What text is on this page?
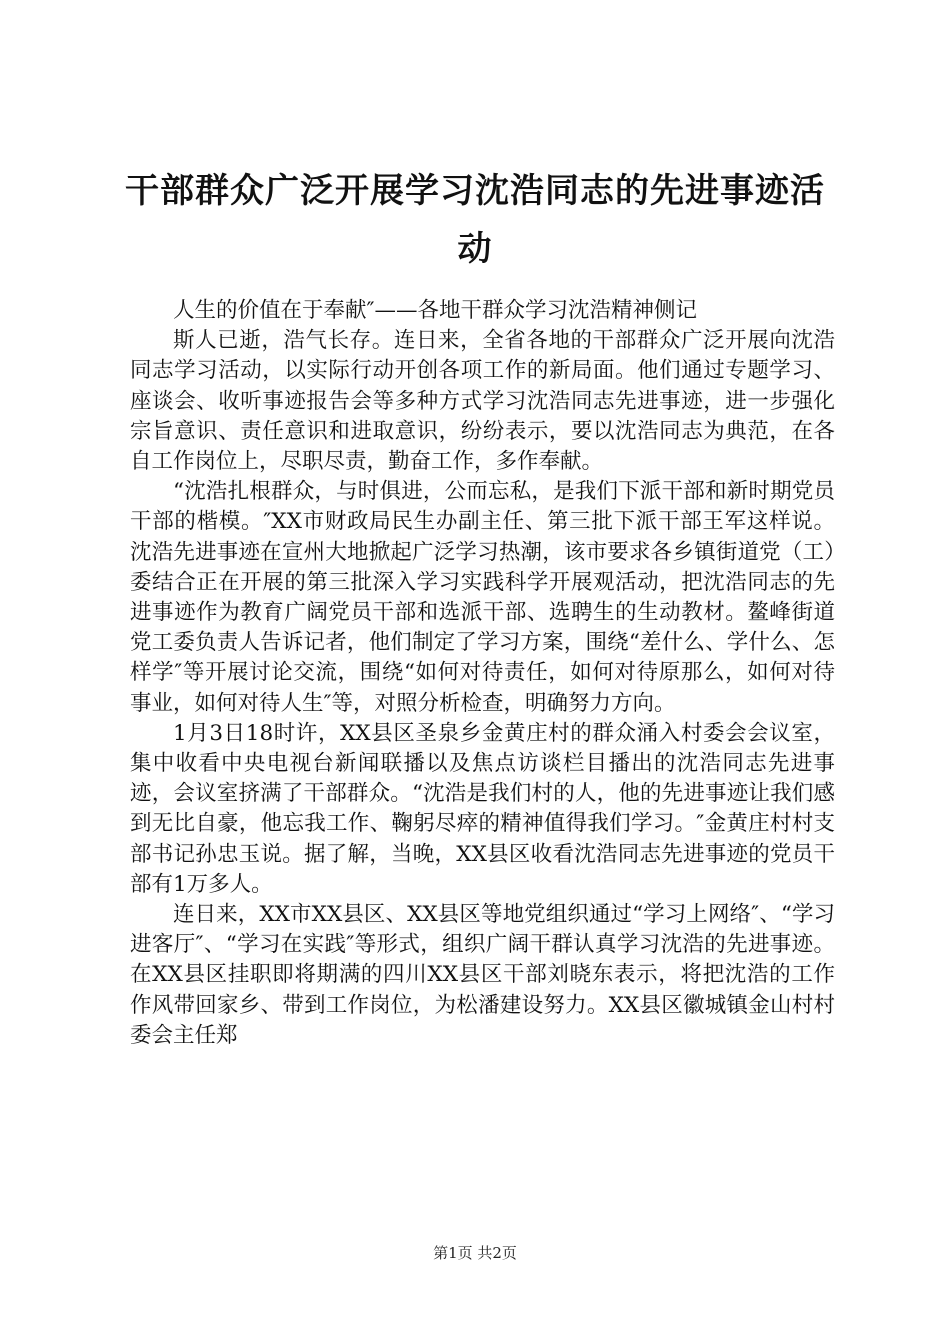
干部群众广泛开展学习沈浩同志的先进事迹活动

人生的价值在于奉献″——各地干群众学习沈浩精神侧记

斯人已逝，浩气长存。连日来，全省各地的干部群众广泛开展向沈浩同志学习活动，以实际行动开创各项工作的新局面。他们通过专题学习、座谈会、收听事迹报告会等多种方式学习沈浩同志先进事迹，进一步强化宗旨意识、责任意识和进取意识，纷纷表示，要以沈浩同志为典范，在各自工作岗位上，尽职尽责，勤奋工作，多作奉献。

“沈浩扎根群众，与时俱进，公而忘私，是我们下派干部和新时期党员干部的楷模。″XX市财政局民生办副主任、第三批下派干部王军这样说。沈浩先进事迹在宣州大地掀起广泛学习热潮，该市要求各乡镇街道党（工）委结合正在开展的第三批深入学习实践科学开展观活动，把沈浩同志的先进事迹作为教育广阔党员干部和选派干部、选聘生的生动教材。鳌峰街道党工委负责人告诉记者，他们制定了学习方案，围绕“差什么、学什么、怎样学″等开展讨论交流，围绕“如何对待责任，如何对待原那么，如何对待事业，如何对待人生″等，对照分析检查，明确努力方向。

1月3日18时许，XX县区圣泉乡金黄庄村的群众涌入村委会会议室，集中收看中央电视台新闻联播以及焦点访谈栏目播出的沈浩同志先进事迹，会议室挤满了干部群众。“沈浩是我们村的人，他的先进事迹让我们感到无比自豪，他忘我工作、鞠躬尽瘁的精神值得我们学习。″金黄庄村村支部书记孙忠玉说。据了解，当晚，XX县区收看沈浩同志先进事迹的党员干部有1万多人。

连日来，XX市XX县区、XX县区等地党组织通过“学习上网络″、“学习进客厅″、“学习在实践″等形式，组织广阔干群认真学习沈浩的先进事迹。在XX县区挂职即将期满的四川XX县区干部刘晓东表示，将把沈浩的工作作风带回家乡、带到工作岗位，为松潘建设努力。XX县区徽城镇金山村村委会主任郑

第1页 共2页
